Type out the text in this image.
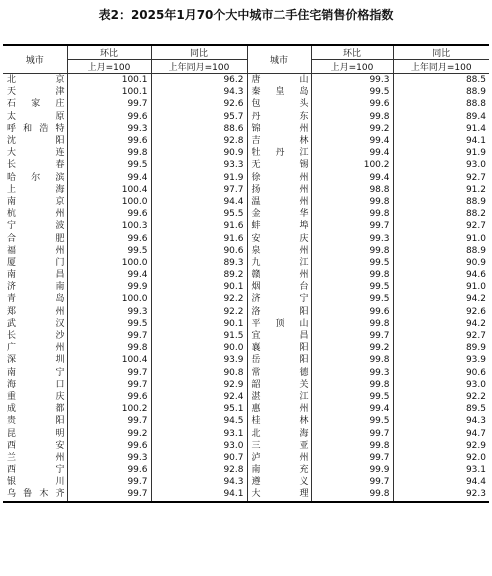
表2：2025年1月70个大中城市二手住宅销售价格指数
城市	环比	同比	城市	环比	同比
	上月=100	上年同月=100		上月=100	上年同月=100
北京	100.1	96.2	唐山	99.3	88.5
天津	100.1	94.3	秦皇岛	99.5	88.9
石家庄	99.7	92.6	包头	99.6	88.8
太原	99.6	95.7	丹东	99.8	89.4
呼和浩特	99.3	88.6	锦州	99.2	91.4
沈阳	99.6	92.8	吉林	99.4	94.1
大连	99.8	90.9	牡丹江	99.4	91.9
长春	99.5	93.3	无锡	100.2	93.0
哈尔滨	99.4	91.9	徐州	99.4	92.7
上海	100.4	97.7	扬州	98.8	91.2
南京	100.0	94.4	温州	99.8	88.9
杭州	99.6	95.5	金华	99.8	88.2
宁波	100.3	91.6	蚌埠	99.7	92.7
合肥	99.6	91.6	安庆	99.3	91.0
福州	99.5	90.6	泉州	99.8	88.9
厦门	100.0	89.3	九江	99.5	90.9
南昌	99.4	89.2	赣州	99.8	94.6
济南	99.9	90.1	烟台	99.5	91.0
青岛	100.0	92.2	济宁	99.5	94.2
郑州	99.3	92.2	洛阳	99.6	92.6
武汉	99.5	90.1	平顶山	99.8	94.2
长沙	99.7	91.5	宜昌	99.7	92.7
广州	99.8	90.0	襄阳	99.2	89.9
深圳	100.4	93.9	岳阳	99.8	93.9
南宁	99.7	90.8	常德	99.3	90.6
海口	99.7	92.9	韶关	99.8	93.0
重庆	99.6	92.4	湛江	99.5	92.2
成都	100.2	95.1	惠州	99.4	89.5
贵阳	99.7	94.5	桂林	99.5	94.3
昆明	99.2	93.1	北海	99.7	94.7
西安	99.6	93.0	三亚	99.8	92.9
兰州	99.3	90.7	泸州	99.7	92.0
西宁	99.6	92.8	南充	99.9	93.1
银川	99.7	94.3	遵义	99.7	94.4
乌鲁木齐	99.7	94.1	大理	99.8	92.3
